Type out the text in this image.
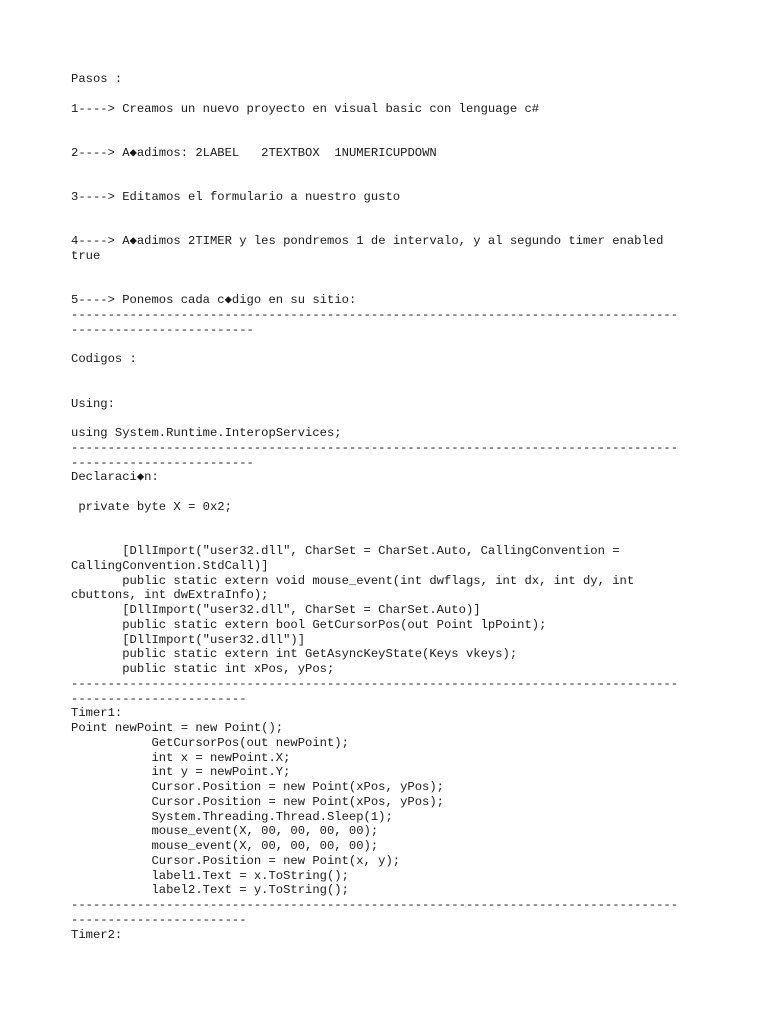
Pasos :
1----> Creamos un nuevo proyecto en visual basic con lenguage c#
2----> A◆adimos: 2LABEL   2TEXTBOX  1NUMERICUPDOWN
3----> Editamos el formulario a nuestro gusto
4----> A◆adimos 2TIMER y les pondremos 1 de intervalo, y al segundo timer enabled
true
5----> Ponemos cada c◆digo en su sitio:
-----------------------------------------------------------------------------------
-------------------------
Codigos :
Using:
using System.Runtime.InteropServices;
-----------------------------------------------------------------------------------
-------------------------
Declaraci◆n:
private byte X = 0x2;
[DllImport("user32.dll", CharSet = CharSet.Auto, CallingConvention =
CallingConvention.StdCall)]
public static extern void mouse_event(int dwflags, int dx, int dy, int
cbuttons, int dwExtraInfo);
[DllImport("user32.dll", CharSet = CharSet.Auto)]
public static extern bool GetCursorPos(out Point lpPoint);
[DllImport("user32.dll")]
public static extern int GetAsyncKeyState(Keys vkeys);
public static int xPos, yPos;
-----------------------------------------------------------------------------------
------------------------
Timer1:
Point newPoint = new Point();
GetCursorPos(out newPoint);
int x = newPoint.X;
int y = newPoint.Y;
Cursor.Position = new Point(xPos, yPos);
Cursor.Position = new Point(xPos, yPos);
System.Threading.Thread.Sleep(1);
mouse_event(X, 00, 00, 00, 00);
mouse_event(X, 00, 00, 00, 00);
Cursor.Position = new Point(x, y);
label1.Text = x.ToString();
label2.Text = y.ToString();
-----------------------------------------------------------------------------------
------------------------
Timer2:
